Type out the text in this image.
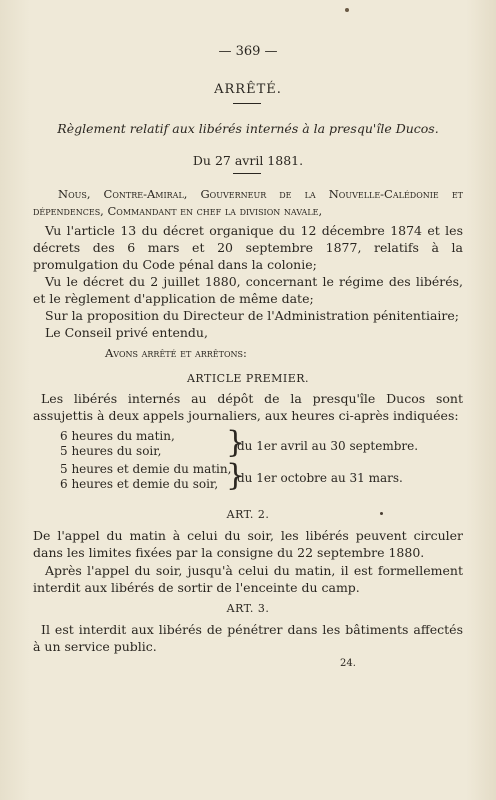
— 369 —
ARRÊTÉ.
Règlement relatif aux libérés internés à la presqu'île Ducos.
Du 27 avril 1881.
Nous, Contre-Amiral, Gouverneur de la Nouvelle-Calédonie et dépendences, Commandant en chef la division navale,
Vu l'article 13 du décret organique du 12 décembre 1874 et les décrets des 6 mars et 20 septembre 1877, relatifs à la promulgation du Code pénal dans la colonie;
Vu le décret du 2 juillet 1880, concernant le régime des libérés, et le règlement d'application de même date;
Sur la proposition du Directeur de l'Administration pénitentiaire;
Le Conseil privé entendu,
Avons arrêté et arrêtons:
ARTICLE PREMIER.
Les libérés internés au dépôt de la presqu'île Ducos sont assujettis à deux appels journaliers, aux heures ci-après indiquées:
6 heures du matin,
5 heures du soir,	}
du 1er avril au 30 septembre.
5 heures et demie du matin,
6 heures et demie du soir, }
du 1er octobre au 31 mars.
ART. 2.
De l'appel du matin à celui du soir, les libérés peuvent circuler dans les limites fixées par la consigne du 22 septembre 1880.
Après l'appel du soir, jusqu'à celui du matin, il est formellement interdit aux libérés de sortir de l'enceinte du camp.
ART. 3.
Il est interdit aux libérés de pénétrer dans les bâtiments affectés à un service public.
24.
